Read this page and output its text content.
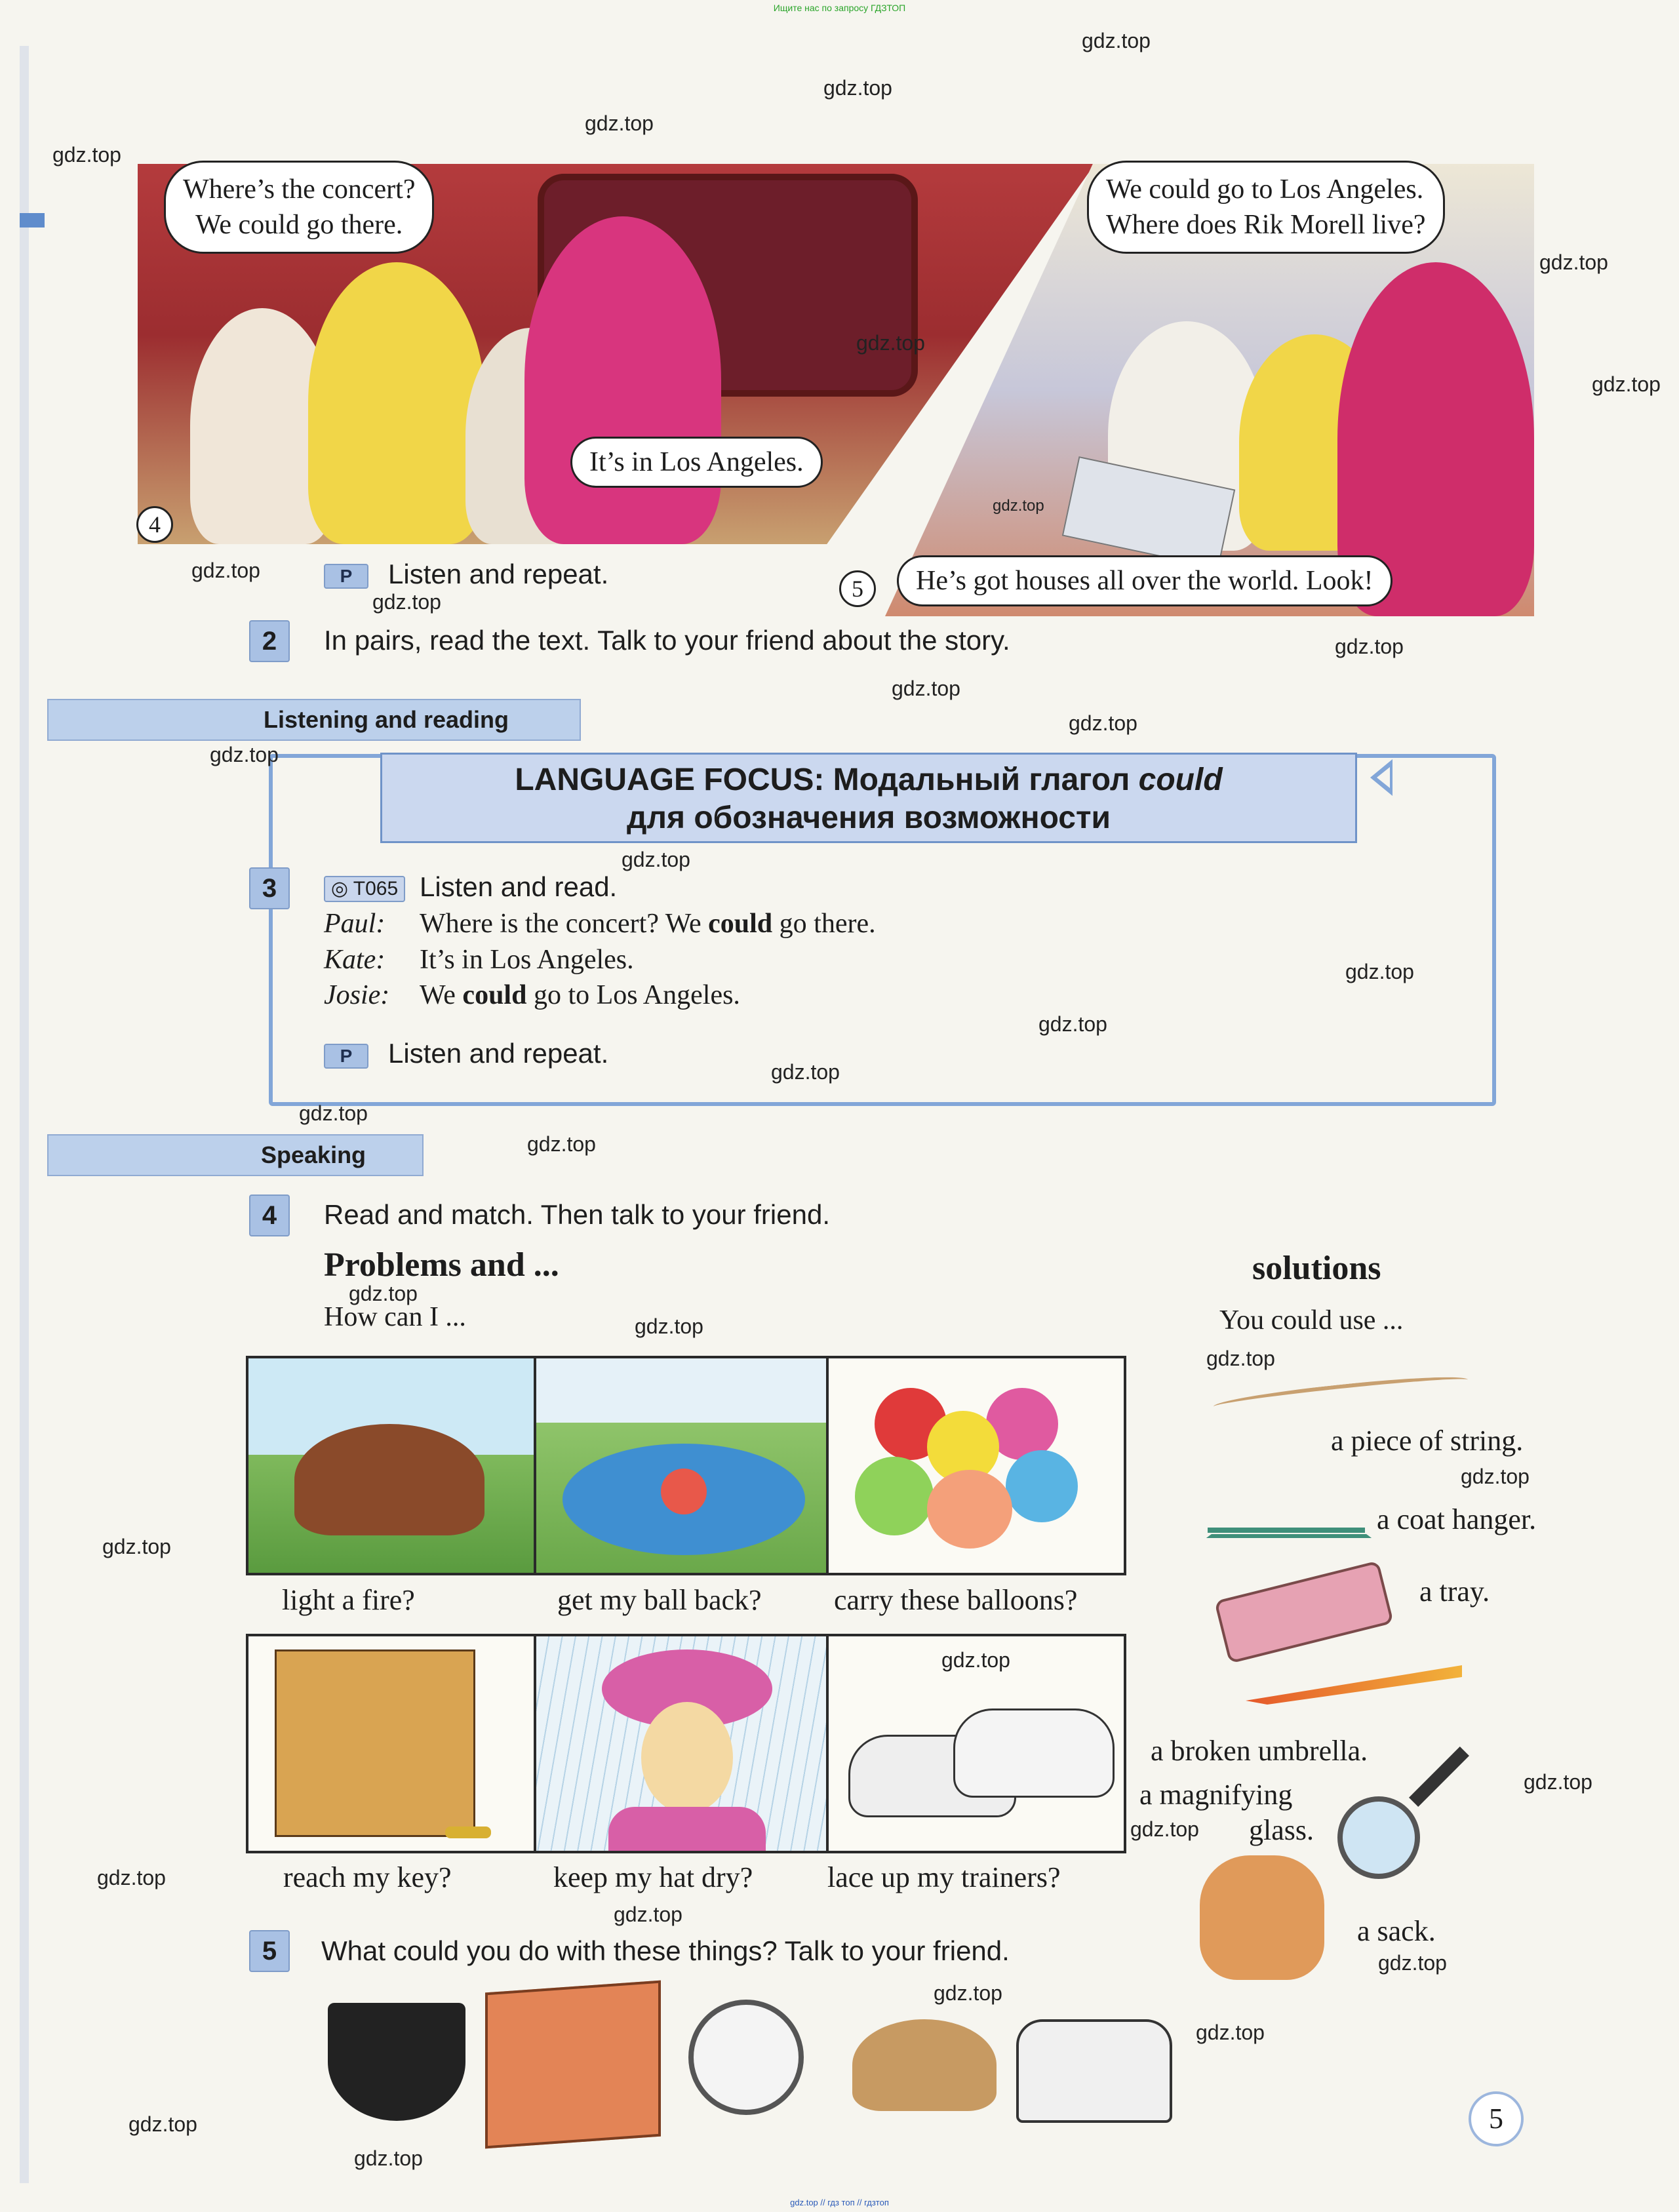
Ищите нас по запросу ГДЗТОП
gdz.top // гдз топ // гдзтоп
4
Where’s the concert?
We could go there.
It’s in Los Angeles.
5
We could go to Los Angeles.
Where does Rik Morell live?
He’s got houses all over the world. Look!
P	Listen and repeat.
2	In pairs, read the text. Talk to your friend about the story.
Listening and reading
LANGUAGE FOCUS: Модальный глагол could
для обозначения возможности
3	◎ T065 Listen and read.
Paul: Where is the concert? We could go there.
Kate: It’s in Los Angeles.
Josie: We could go to Los Angeles.
P	Listen and repeat.
Speaking
4	Read and match. Then talk to your friend.
Problems and ...
How can I ...
solutions
You could use ...
light a fire?	get my ball back?	carry these balloons?
reach my key?	keep my hat dry?	lace up my trainers?
a piece of string.
a coat hanger.
a tray.
a broken umbrella.
a magnifying
glass.
a sack.
5	What could you do with these things? Talk to your friend.
5
gdz.top
gdz.top
gdz.top
gdz.top
gdz.top
gdz.top
gdz.top
gdz.top
gdz.top
gdz.top
gdz.top
gdz.top
gdz.top
gdz.top
gdz.top
gdz.top
gdz.top
gdz.top
gdz.top
gdz.top
gdz.top
gdz.top
gdz.top
gdz.top
gdz.top
gdz.top
gdz.top
gdz.top
gdz.top
gdz.top
gdz.top
gdz.top
gdz.top
gdz.top
gdz.top
